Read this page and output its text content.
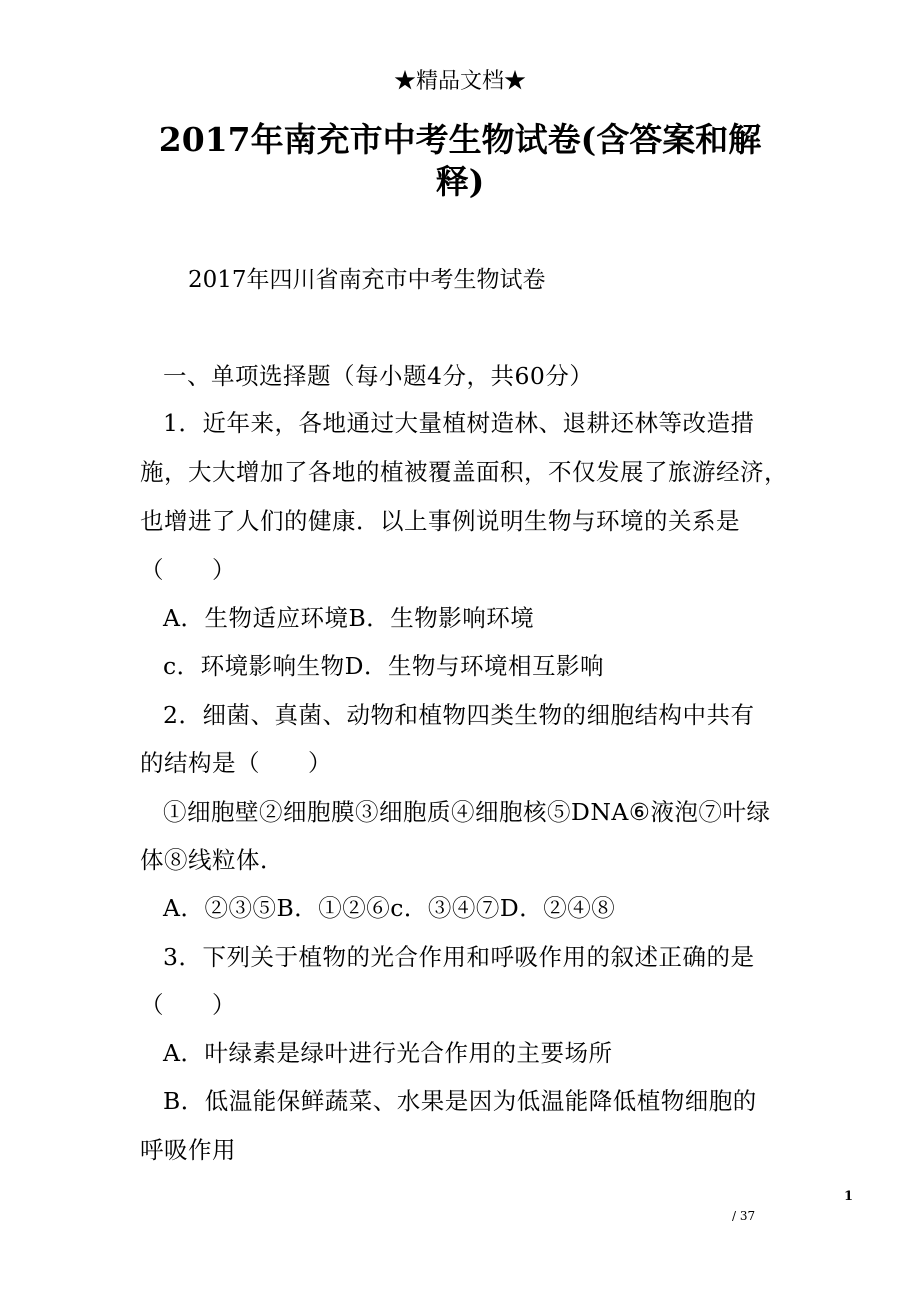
★精品文档★
2017年南充市中考生物试卷(含答案和解
释)
2017年四川省南充市中考生物试卷
一、单项选择题（每小题4分，共60分）
1．近年来，各地通过大量植树造林、退耕还林等改造措
施，大大增加了各地的植被覆盖面积，不仅发展了旅游经济，
也增进了人们的健康．以上事例说明生物与环境的关系是
（　　）
A．生物适应环境B．生物影响环境
c．环境影响生物D．生物与环境相互影响
2．细菌、真菌、动物和植物四类生物的细胞结构中共有
的结构是（　　）
①细胞壁②细胞膜③细胞质④细胞核⑤DNA⑥液泡⑦叶绿
体⑧线粒体．
A．②③⑤B．①②⑥c．③④⑦D．②④⑧
3．下列关于植物的光合作用和呼吸作用的叙述正确的是
（　　）
A．叶绿素是绿叶进行光合作用的主要场所
B．低温能保鲜蔬菜、水果是因为低温能降低植物细胞的
呼吸作用
1
/ 37
